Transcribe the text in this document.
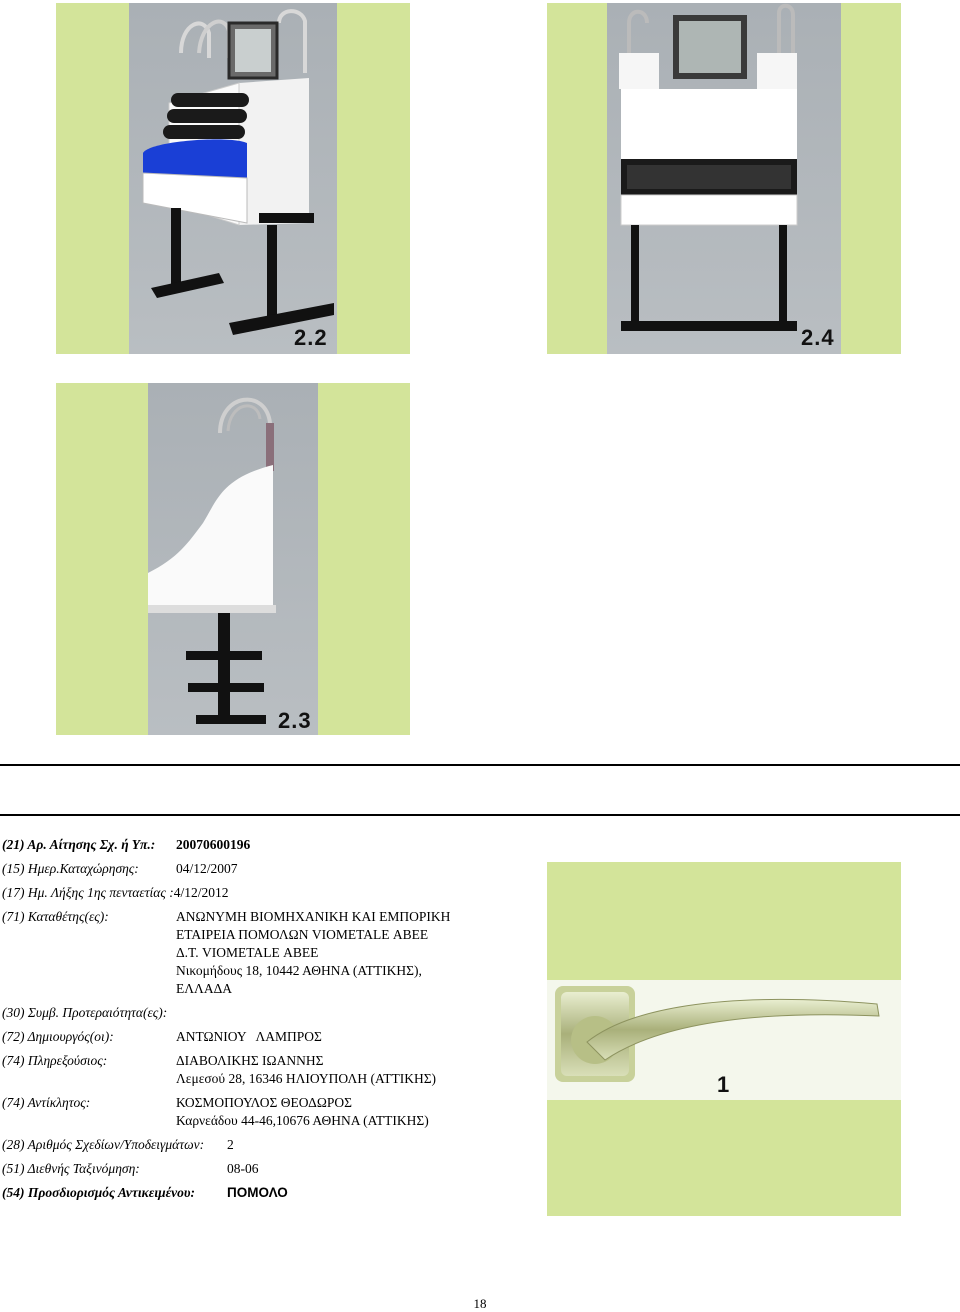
2.2	2.4
2.3
(21) Αρ. Αίτησης Σχ. ή Υπ.: 20070600196
(15) Ημερ.Καταχώρησης:	04/12/2007
(17) Ημ. Λήξης 1ης πενταετίας :4/12/2012
(71) Καταθέτης(ες):	ΑΝΩΝΥΜΗ ΒΙΟΜΗΧΑΝΙΚΗ ΚΑΙ ΕΜΠΟΡΙΚΗ
ΕΤΑΙΡΕΙΑ ΠΟΜΟΛΩΝ VIOMETALE ΑΒΕΕ
Δ.Τ. VIOMETALE ΑΒΕΕ
Νικομήδους 18, 10442 ΑΘΗΝΑ (ΑΤΤΙΚΗΣ),
ΕΛΛΑΔΑ
(30) Συμβ. Προτεραιότητα(ες):
(72) Δημιουργός(οι):	ΑΝΤΩΝΙΟΥ   ΛΑΜΠΡΟΣ
(74) Πληρεξούσιος:	ΔΙΑΒΟΛΙΚΗΣ ΙΩΑΝΝΗΣ
Λεμεσού 28, 16346 ΗΛΙΟΥΠΟΛΗ (ΑΤΤΙΚΗΣ)
(74) Αντίκλητος:	ΚΟΣΜΟΠΟΥΛΟΣ ΘΕΟΔΩΡΟΣ
Καρνεάδου 44-46,10676 ΑΘΗΝΑ (ΑΤΤΙΚΗΣ)
(28) Αριθμός Σχεδίων/Υποδειγμάτων: 2
(51) Διεθνής Ταξινόμηση:	08-06
(54) Προσδιορισμός Αντικειμένου: ΠΟΜΟΛΟ
1
18
